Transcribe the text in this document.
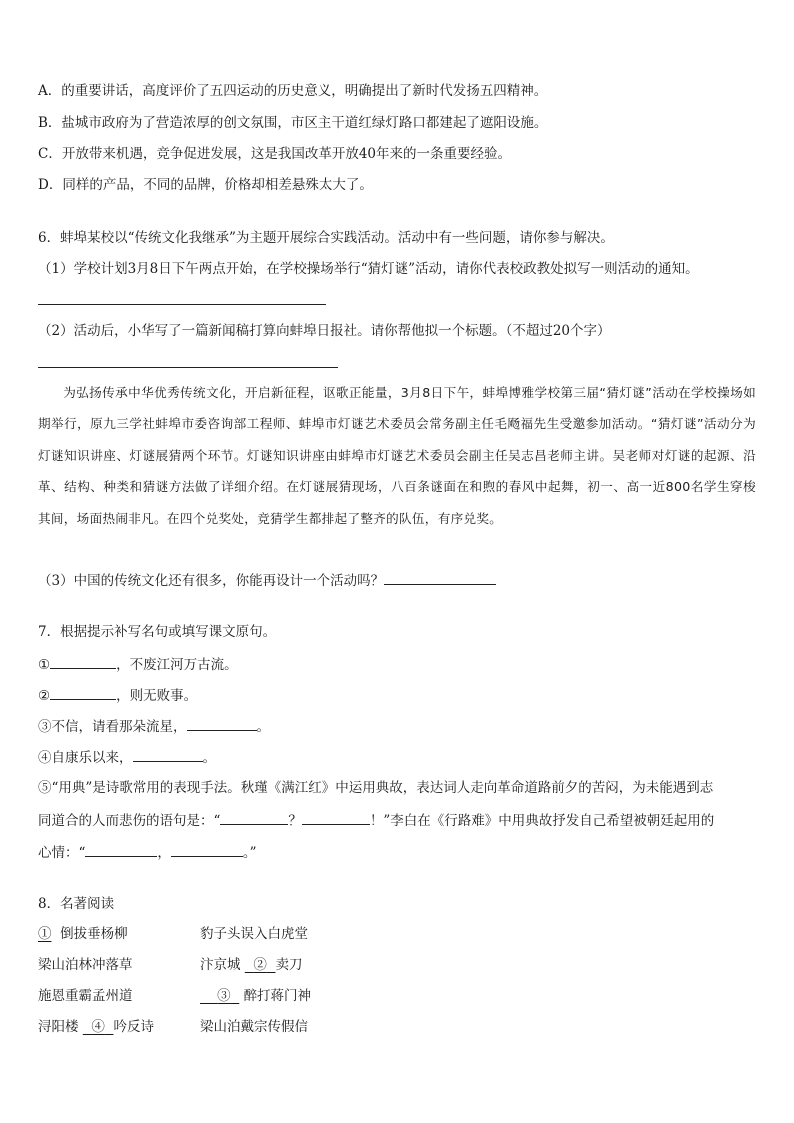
A．的重要讲话，高度评价了五四运动的历史意义，明确提出了新时代发扬五四精神。
B．盐城市政府为了营造浓厚的创文氛围，市区主干道红绿灯路口都建起了遮阳设施。
C．开放带来机遇，竞争促进发展，这是我国改革开放40年来的一条重要经验。
D．同样的产品，不同的品牌，价格却相差悬殊太大了。
6．蚌埠某校以“传统文化我继承”为主题开展综合实践活动。活动中有一些问题，请你参与解决。
（1）学校计划3月8日下午两点开始，在学校操场举行“猜灯谜”活动，请你代表校政教处拟写一则活动的通知。
（2）活动后，小华写了一篇新闻稿打算向蚌埠日报社。请你帮他拟一个标题。（不超过20个字）
为弘扬传承中华优秀传统文化，开启新征程，讴歌正能量，3月8日下午，蚌埠博雅学校第三届“猜灯谜”活动在学校操场如期举行，原九三学社蚌埠市委咨询部工程师、蚌埠市灯谜艺术委员会常务副主任毛飏福先生受邀参加活动。“猜灯谜”活动分为灯谜知识讲座、灯谜展猜两个环节。灯谜知识讲座由蚌埠市灯谜艺术委员会副主任吴志昌老师主讲。吴老师对灯谜的起源、沿革、结构、种类和猜谜方法做了详细介绍。在灯谜展猜现场，八百条谜面在和煦的春风中起舞，初一、高一近800名学生穿梭其间，场面热闹非凡。在四个兑奖处，竞猜学生都排起了整齐的队伍，有序兑奖。
（3）中国的传统文化还有很多，你能再设计一个活动吗？
7．根据提示补写名句或填写课文原句。
①	，不废江河万古流。
②	，则无败事。
③不信，请看那朵流星，	。
④自康乐以来，	。
⑤“用典”是诗歌常用的表现手法。秋瑾《满江红》中运用典故，表达词人走向革命道路前夕的苦闷，为未能遇到志
同道合的人而悲伤的语句是：“	？	！”李白在《行路难》中用典故抒发自己希望被朝廷起用的
心情：“	，	。”
8．名著阅读
① 倒拔垂杨柳	豹子头误入白虎堂
梁山泊林冲落草	汴京城 ② 卖刀
施恩重霸孟州道	③ 醉打蒋门神
浔阳楼 ④ 吟反诗	梁山泊戴宗传假信
